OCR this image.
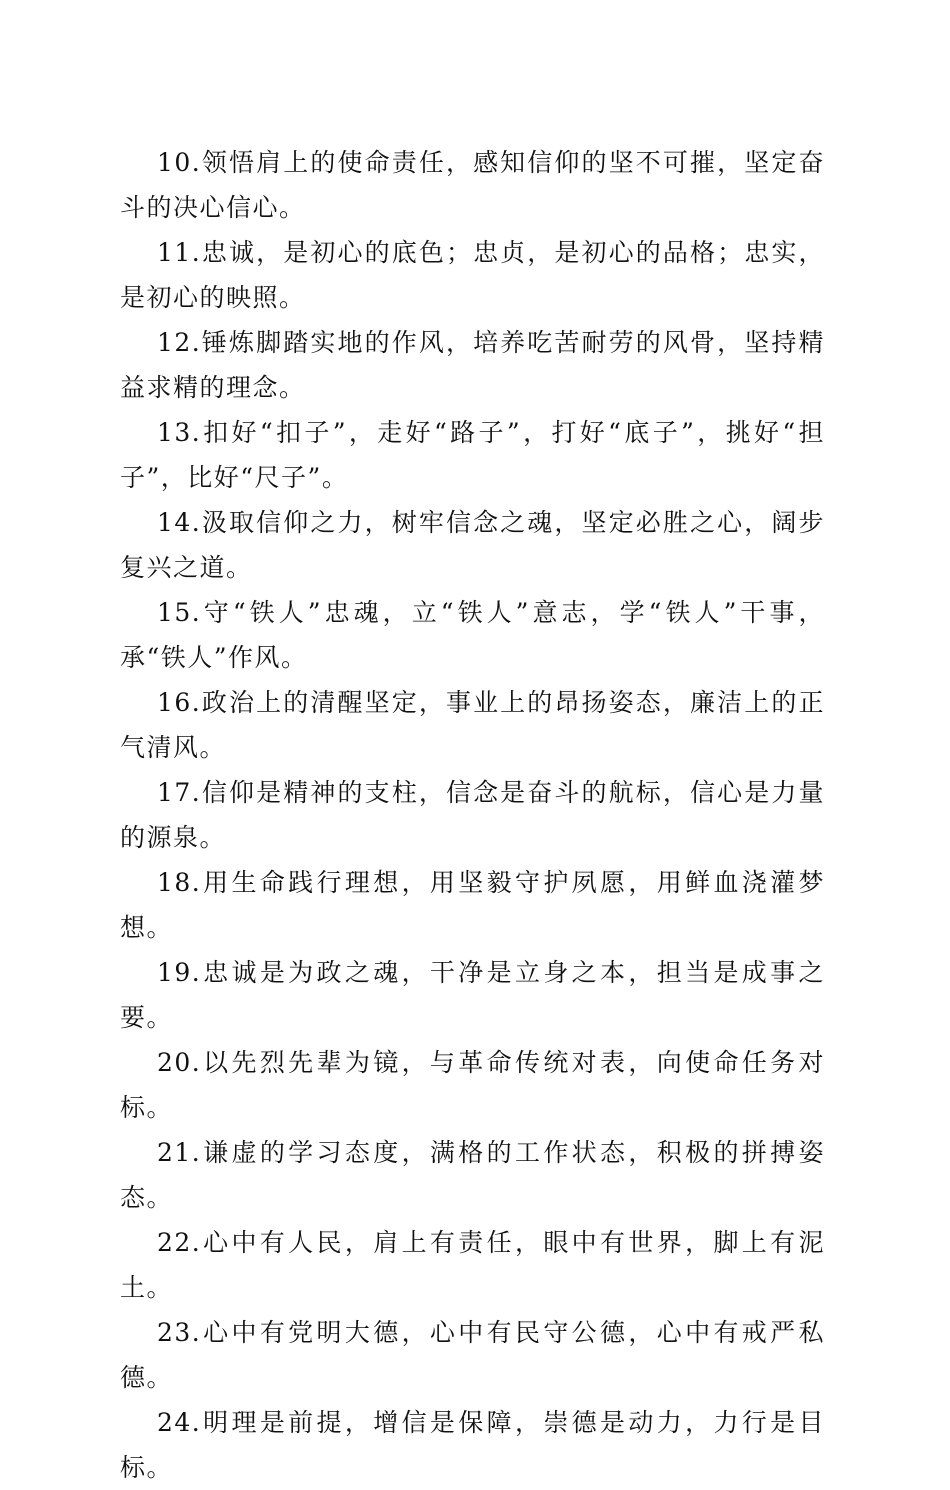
10.领悟肩上的使命责任，感知信仰的坚不可摧，坚定奋斗的决心信心。

11.忠诚，是初心的底色；忠贞，是初心的品格；忠实，是初心的映照。

12.锤炼脚踏实地的作风，培养吃苦耐劳的风骨，坚持精益求精的理念。

13.扣好“扣子”，走好“路子”，打好“底子”，挑好“担子”，比好“尺子”。

14.汲取信仰之力，树牢信念之魂，坚定必胜之心，阔步复兴之道。

15.守“铁人”忠魂，立“铁人”意志，学“铁人”干事，承“铁人”作风。

16.政治上的清醒坚定，事业上的昂扬姿态，廉洁上的正气清风。

17.信仰是精神的支柱，信念是奋斗的航标，信心是力量的源泉。

18.用生命践行理想，用坚毅守护夙愿，用鲜血浇灌梦想。

19.忠诚是为政之魂，干净是立身之本，担当是成事之要。

20.以先烈先辈为镜，与革命传统对表，向使命任务对标。

21.谦虚的学习态度，满格的工作状态，积极的拼搏姿态。

22.心中有人民，肩上有责任，眼中有世界，脚上有泥土。

23.心中有党明大德，心中有民守公德，心中有戒严私德。

24.明理是前提，增信是保障，崇德是动力，力行是目标。
